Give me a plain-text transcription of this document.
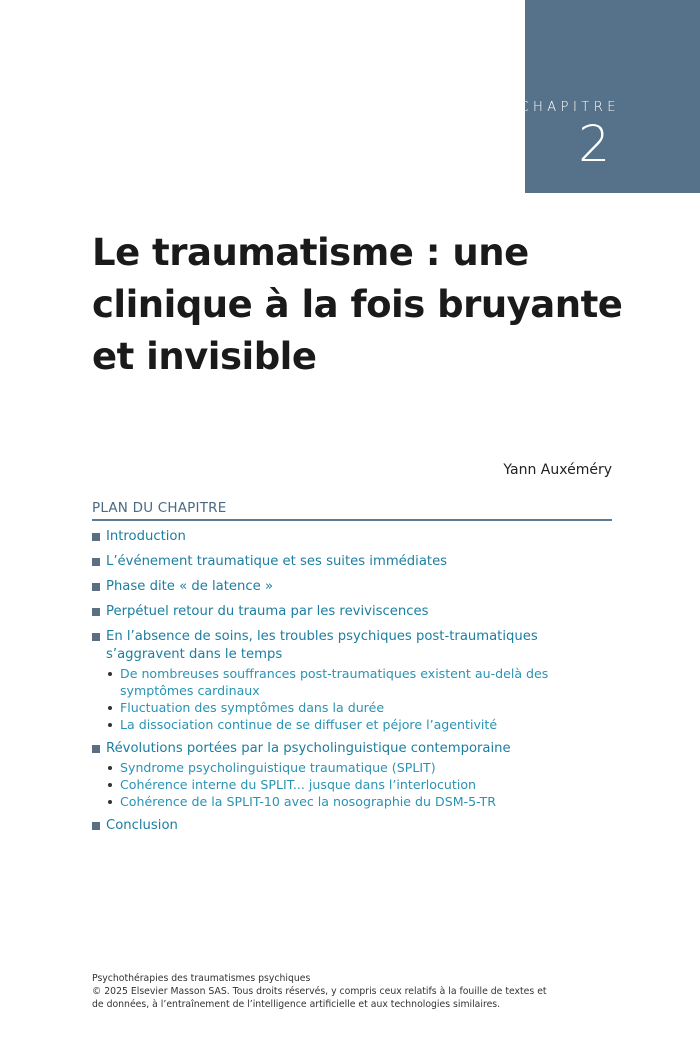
CHAPITRE
2
Le traumatisme : une clinique à la fois bruyante et invisible
Yann Auxéméry
PLAN DU CHAPITRE
Introduction
L’événement traumatique et ses suites immédiates
Phase dite « de latence »
Perpétuel retour du trauma par les reviviscences
En l’absence de soins, les troubles psychiques post-traumatiques s’aggravent dans le temps
De nombreuses souffrances post-traumatiques existent au-delà des symptômes cardinaux
Fluctuation des symptômes dans la durée
La dissociation continue de se diffuser et péjore l’agentivité
Révolutions portées par la psycholinguistique contemporaine
Syndrome psycholinguistique traumatique (SPLIT)
Cohérence interne du SPLIT... jusque dans l’interlocution
Cohérence de la SPLIT-10 avec la nosographie du DSM-5-TR
Conclusion
Psychothérapies des traumatismes psychiques
© 2025 Elsevier Masson SAS. Tous droits réservés, y compris ceux relatifs à la fouille de textes et
de données, à l’entraînement de l’intelligence artificielle et aux technologies similaires.
